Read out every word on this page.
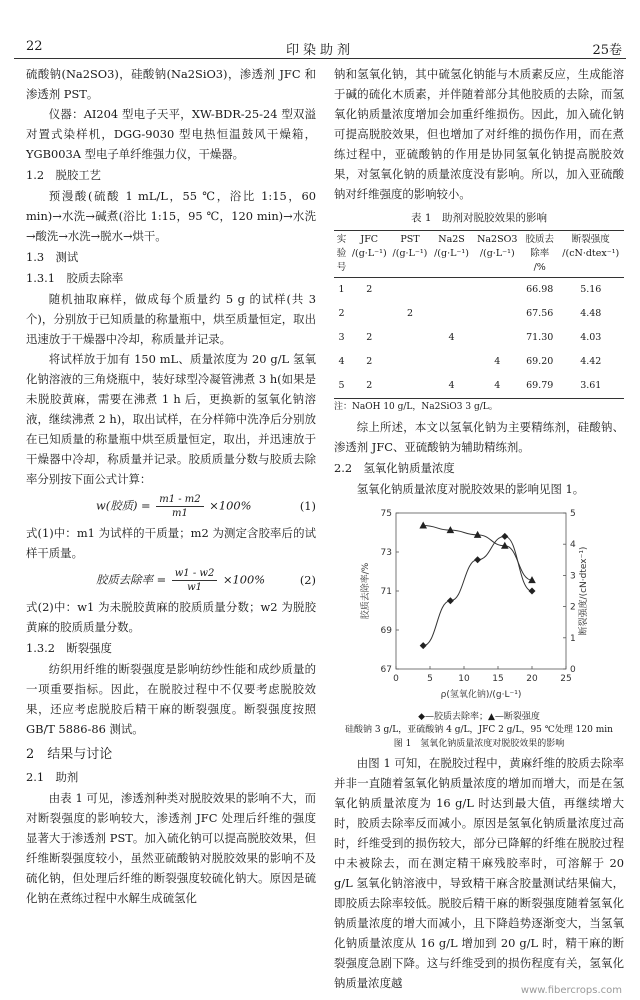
22	印染助剂	25卷

硫酸钠(Na2SO3)，硅酸钠(Na2SiO3)，渗透剂 JFC 和渗透剂 PST。

仪器：AI204 型电子天平，XW-BDR-25-24 型双溢对置式染样机，DGG-9030 型电热恒温鼓风干燥箱，YGB003A 型电子单纤维强力仪，干燥器。

1.2　脱胶工艺

预漫酸(硫酸 1 mL/L，55 ℃，浴比 1:15，60 min)→水洗→碱煮(浴比 1:15，95 ℃，120 min)→水洗→酸洗→水洗→脱水→烘干。

1.3　测试

1.3.1　胶质去除率

随机抽取麻样，做成每个质量约 5 g 的试样(共 3 个)，分别放于已知质量的称量瓶中，烘至质量恒定，取出迅速放于干燥器中冷却，称质量并记录。

将试样放于加有 150 mL、质量浓度为 20 g/L 氢氧化钠溶液的三角烧瓶中，装好球型冷凝管沸煮 3 h(如果是未脱胶黄麻，需要在沸煮 1 h 后，更换新的氢氧化钠溶液，继续沸煮 2 h)，取出试样，在分样筛中洗净后分别放在已知质量的称量瓶中烘至质量恒定，取出，并迅速放于干燥器中冷却，称质量并记录。胶质质量分数与胶质去除率分别按下面公式计算：

w(胶质) = $\frac{m1 - m2}{m1} \times 100\%$	(1)

式(1)中：m1 为试样的干质量；m2 为测定含胶率后的试样干质量。

胶质去除率 = $\frac{w1 - w2}{w1} \times 100\%$	(2)

式(2)中：w1 为未脱胶黄麻的胶质质量分数；w2 为脱胶黄麻的胶质质量分数。

1.3.2　断裂强度

纺织用纤维的断裂强度是影响纺纱性能和成纱质量的一项重要指标。因此，在脱胶过程中不仅要考虑脱胶效果，还应考虑脱胶后精干麻的断裂强度。断裂强度按照 GB/T 5886-86 测试。

2　结果与讨论

2.1　助剂

由表 1 可见，渗透剂种类对脱胶效果的影响不大，而对断裂强度的影响较大，渗透剂 JFC 处理后纤维的强度显著大于渗透剂 PST。加入硫化钠可以提高脱胶效果，但纤维断裂强度较小，虽然亚硫酸钠对脱胶效果的影响不及硫化钠，但处理后纤维的断裂强度较硫化钠大。原因是硫化钠在煮练过程中水解生成硫氢化

钠和氢氧化钠，其中硫氢化钠能与木质素反应，生成能溶于碱的硫化木质素，并伴随着部分其他胶质的去除，而氢氧化钠质量浓度增加会加重纤维损伤。因此，加入硫化钠可提高脱胶效果，但也增加了对纤维的损伤作用，而在煮练过程中，亚硫酸钠的作用是协同氢氧化钠提高脱胶效果，对氢氧化钠的质量浓度没有影响。所以，加入亚硫酸钠对纤维强度的影响较小。

表 1　助剂对脱胶效果的影响

实验号	JFC /(g·L⁻¹)	PST /(g·L⁻¹)	Na2S /(g·L⁻¹)	Na2SO3 /(g·L⁻¹)	胶质去除率 /%	断裂强度 /(cN·dtex⁻¹)
1	2				66.98	5.16
2		2			67.56	4.48
3	2		4		71.30	4.03
4	2			4	69.20	4.42
5	2		4	4	69.79	3.61

注：NaOH 10 g/L，Na2SiO3 3 g/L。

综上所述，本文以氢氧化钠为主要精练剂，硅酸钠、渗透剂 JFC、亚硫酸钠为辅助精练剂。

2.2　氢氧化钠质量浓度

氢氧化钠质量浓度对脱胶效果的影响见图 1。

0	5	10	15	20	25
67
69
71
73
75
0
1
2
3
4
5
ρ(氢氧化钠)/(g·L⁻¹)
胶质去除率/%	断裂强度/(cN·dtex⁻¹)

◆—胶质去除率；▲—断裂强度

硅酸钠 3 g/L，亚硫酸钠 4 g/L，JFC 2 g/L，95 ℃处理 120 min

图 1　氢氧化钠质量浓度对脱胶效果的影响

由图 1 可知，在脱胶过程中，黄麻纤维的胶质去除率并非一直随着氢氧化钠质量浓度的增加而增大，而是在氢氧化钠质量浓度为 16 g/L 时达到最大值，再继续增大时，胶质去除率反而减小。原因是氢氧化钠质量浓度过高时，纤维受到的损伤较大，部分已降解的纤维在脱胶过程中未被除去，而在测定精干麻残胶率时，可溶解于 20 g/L 氢氧化钠溶液中，导致精干麻含胶量测试结果偏大，即胶质去除率较低。脱胶后精干麻的断裂强度随着氢氧化钠质量浓度的增大而减小，且下降趋势逐渐变大，当氢氧化钠质量浓度从 16 g/L 增加到 20 g/L 时，精干麻的断裂强度急剧下降。这与纤维受到的损伤程度有关，氢氧化钠质量浓度越

www.fibercrops.com
